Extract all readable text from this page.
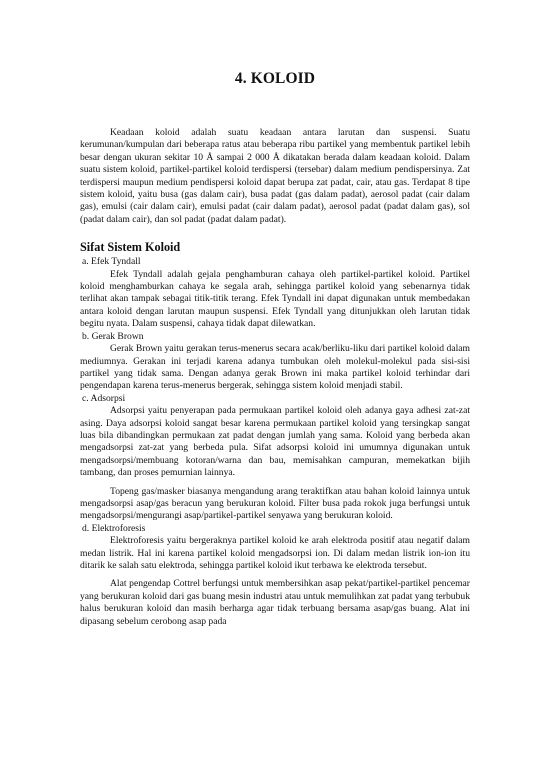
4. KOLOID

Keadaan koloid adalah suatu keadaan antara larutan dan suspensi. Suatu kerumunan/kumpulan dari beberapa ratus atau beberapa ribu partikel yang membentuk partikel lebih besar dengan ukuran sekitar 10 Å sampai 2 000 Å dikatakan berada dalam keadaan koloid. Dalam suatu sistem koloid, partikel-partikel koloid terdispersi (tersebar) dalam medium pendispersinya. Zat terdispersi maupun medium pendispersi koloid dapat berupa zat padat, cair, atau gas. Terdapat 8 tipe sistem koloid, yaitu busa (gas dalam cair), busa padat (gas dalam padat), aerosol padat (cair dalam gas), emulsi (cair dalam cair), emulsi padat (cair dalam padat), aerosol padat (padat dalam gas), sol (padat dalam cair), dan sol padat (padat dalam padat).

Sifat Sistem Koloid
a. Efek Tyndall

Efek Tyndall adalah gejala penghamburan cahaya oleh partikel-partikel koloid. Partikel koloid menghamburkan cahaya ke segala arah, sehingga partikel koloid yang sebenarnya tidak terlihat akan tampak sebagai titik-titik terang. Efek Tyndall ini dapat digunakan untuk membedakan antara koloid dengan larutan maupun suspensi. Efek Tyndall yang ditunjukkan oleh larutan tidak begitu nyata. Dalam suspensi, cahaya tidak dapat dilewatkan.

b. Gerak Brown

Gerak Brown yaitu gerakan terus-menerus secara acak/berliku-liku dari partikel koloid dalam mediumnya. Gerakan ini terjadi karena adanya tumbukan oleh molekul-molekul pada sisi-sisi partikel yang tidak sama. Dengan adanya gerak Brown ini maka partikel koloid terhindar dari pengendapan karena terus-menerus bergerak, sehingga sistem koloid menjadi stabil.

c. Adsorpsi

Adsorpsi yaitu penyerapan pada permukaan partikel koloid oleh adanya gaya adhesi zat-zat asing. Daya adsorpsi koloid sangat besar karena permukaan partikel koloid yang tersingkap sangat luas bila dibandingkan permukaan zat padat dengan jumlah yang sama. Koloid yang berbeda akan mengadsorpsi zat-zat yang berbeda pula. Sifat adsorpsi koloid ini umumnya digunakan untuk mengadsorpsi/membuang kotoran/warna dan bau, memisahkan campuran, memekatkan bijih tambang, dan proses pemurnian lainnya.

Topeng gas/masker biasanya mengandung arang teraktifkan atau bahan koloid lainnya untuk mengadsorpsi asap/gas beracun yang berukuran koloid. Filter busa pada rokok juga berfungsi untuk mengadsorpsi/mengurangi asap/partikel-partikel senyawa yang berukuran koloid.

d. Elektroforesis

Elektroforesis yaitu bergeraknya partikel koloid ke arah elektroda positif atau negatif dalam medan listrik. Hal ini karena partikel koloid mengadsorpsi ion. Di dalam medan listrik ion-ion itu ditarik ke salah satu elektroda, sehingga partikel koloid ikut terbawa ke elektroda tersebut.

Alat pengendap Cottrel berfungsi untuk membersihkan asap pekat/partikel-partikel pencemar yang berukuran koloid dari gas buang mesin industri atau untuk memulihkan zat padat yang terbubuk halus berukuran koloid dan masih berharga agar tidak terbuang bersama asap/gas buang. Alat ini dipasang sebelum cerobong asap pada
